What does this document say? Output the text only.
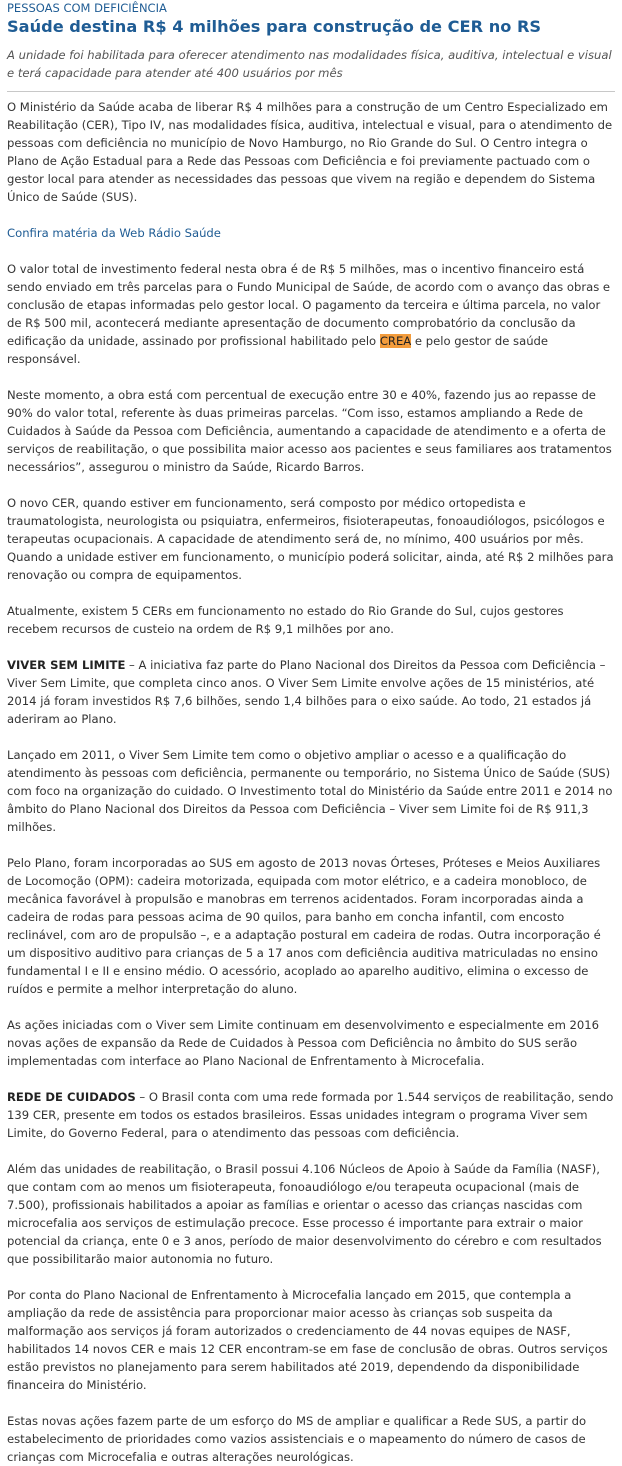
PESSOAS COM DEFICIÊNCIA
Saúde destina R$ 4 milhões para construção de CER no RS
A unidade foi habilitada para oferecer atendimento nas modalidades física, auditiva, intelectual e visual e terá capacidade para atender até 400 usuários por mês

O Ministério da Saúde acaba de liberar R$ 4 milhões para a construção de um Centro Especializado em Reabilitação (CER), Tipo IV, nas modalidades física, auditiva, intelectual e visual, para o atendimento de pessoas com deficiência no município de Novo Hamburgo, no Rio Grande do Sul. O Centro integra o Plano de Ação Estadual para a Rede das Pessoas com Deficiência e foi previamente pactuado com o gestor local para atender as necessidades das pessoas que vivem na região e dependem do Sistema Único de Saúde (SUS).

Confira matéria da Web Rádio Saúde

O valor total de investimento federal nesta obra é de R$ 5 milhões, mas o incentivo financeiro está sendo enviado em três parcelas para o Fundo Municipal de Saúde, de acordo com o avanço das obras e conclusão de etapas informadas pelo gestor local. O pagamento da terceira e última parcela, no valor de R$ 500 mil, acontecerá mediante apresentação de documento comprobatório da conclusão da edificação da unidade, assinado por profissional habilitado pelo CREA e pelo gestor de saúde responsável.

Neste momento, a obra está com percentual de execução entre 30 e 40%, fazendo jus ao repasse de 90% do valor total, referente às duas primeiras parcelas. “Com isso, estamos ampliando a Rede de Cuidados à Saúde da Pessoa com Deficiência, aumentando a capacidade de atendimento e a oferta de serviços de reabilitação, o que possibilita maior acesso aos pacientes e seus familiares aos tratamentos necessários”, assegurou o ministro da Saúde, Ricardo Barros.

O novo CER, quando estiver em funcionamento, será composto por médico ortopedista e traumatologista, neurologista ou psiquiatra, enfermeiros, fisioterapeutas, fonoaudiólogos, psicólogos e terapeutas ocupacionais. A capacidade de atendimento será de, no mínimo, 400 usuários por mês. Quando a unidade estiver em funcionamento, o município poderá solicitar, ainda, até R$ 2 milhões para renovação ou compra de equipamentos.

Atualmente, existem 5 CERs em funcionamento no estado do Rio Grande do Sul, cujos gestores recebem recursos de custeio na ordem de R$ 9,1 milhões por ano.

VIVER SEM LIMITE – A iniciativa faz parte do Plano Nacional dos Direitos da Pessoa com Deficiência – Viver Sem Limite, que completa cinco anos. O Viver Sem Limite envolve ações de 15 ministérios, até 2014 já foram investidos R$ 7,6 bilhões, sendo 1,4 bilhões para o eixo saúde. Ao todo, 21 estados já aderiram ao Plano.

Lançado em 2011, o Viver Sem Limite tem como o objetivo ampliar o acesso e a qualificação do atendimento às pessoas com deficiência, permanente ou temporário, no Sistema Único de Saúde (SUS) com foco na organização do cuidado. O Investimento total do Ministério da Saúde entre 2011 e 2014 no âmbito do Plano Nacional dos Direitos da Pessoa com Deficiência – Viver sem Limite foi de R$ 911,3 milhões.

Pelo Plano, foram incorporadas ao SUS em agosto de 2013 novas Órteses, Próteses e Meios Auxiliares de Locomoção (OPM): cadeira motorizada, equipada com motor elétrico, e a cadeira monobloco, de mecânica favorável à propulsão e manobras em terrenos acidentados. Foram incorporadas ainda a cadeira de rodas para pessoas acima de 90 quilos, para banho em concha infantil, com encosto reclinável, com aro de propulsão –, e a adaptação postural em cadeira de rodas. Outra incorporação é um dispositivo auditivo para crianças de 5 a 17 anos com deficiência auditiva matriculadas no ensino fundamental I e II e ensino médio. O acessório, acoplado ao aparelho auditivo, elimina o excesso de ruídos e permite a melhor interpretação do aluno.

As ações iniciadas com o Viver sem Limite continuam em desenvolvimento e especialmente em 2016 novas ações de expansão da Rede de Cuidados à Pessoa com Deficiência no âmbito do SUS serão implementadas com interface ao Plano Nacional de Enfrentamento à Microcefalia.

REDE DE CUIDADOS – O Brasil conta com uma rede formada por 1.544 serviços de reabilitação, sendo 139 CER, presente em todos os estados brasileiros. Essas unidades integram o programa Viver sem Limite, do Governo Federal, para o atendimento das pessoas com deficiência.

Além das unidades de reabilitação, o Brasil possui 4.106 Núcleos de Apoio à Saúde da Família (NASF), que contam com ao menos um fisioterapeuta, fonoaudiólogo e/ou terapeuta ocupacional (mais de 7.500), profissionais habilitados a apoiar as famílias e orientar o acesso das crianças nascidas com microcefalia aos serviços de estimulação precoce. Esse processo é importante para extrair o maior potencial da criança, ente 0 e 3 anos, período de maior desenvolvimento do cérebro e com resultados que possibilitarão maior autonomia no futuro.

Por conta do Plano Nacional de Enfrentamento à Microcefalia lançado em 2015, que contempla a ampliação da rede de assistência para proporcionar maior acesso às crianças sob suspeita da malformação aos serviços já foram autorizados o credenciamento de 44 novas equipes de NASF, habilitados 14 novos CER e mais 12 CER encontram-se em fase de conclusão de obras. Outros serviços estão previstos no planejamento para serem habilitados até 2019, dependendo da disponibilidade financeira do Ministério.

Estas novas ações fazem parte de um esforço do MS de ampliar e qualificar a Rede SUS, a partir do estabelecimento de prioridades como vazios assistenciais e o mapeamento do número de casos de crianças com Microcefalia e outras alterações neurológicas.
